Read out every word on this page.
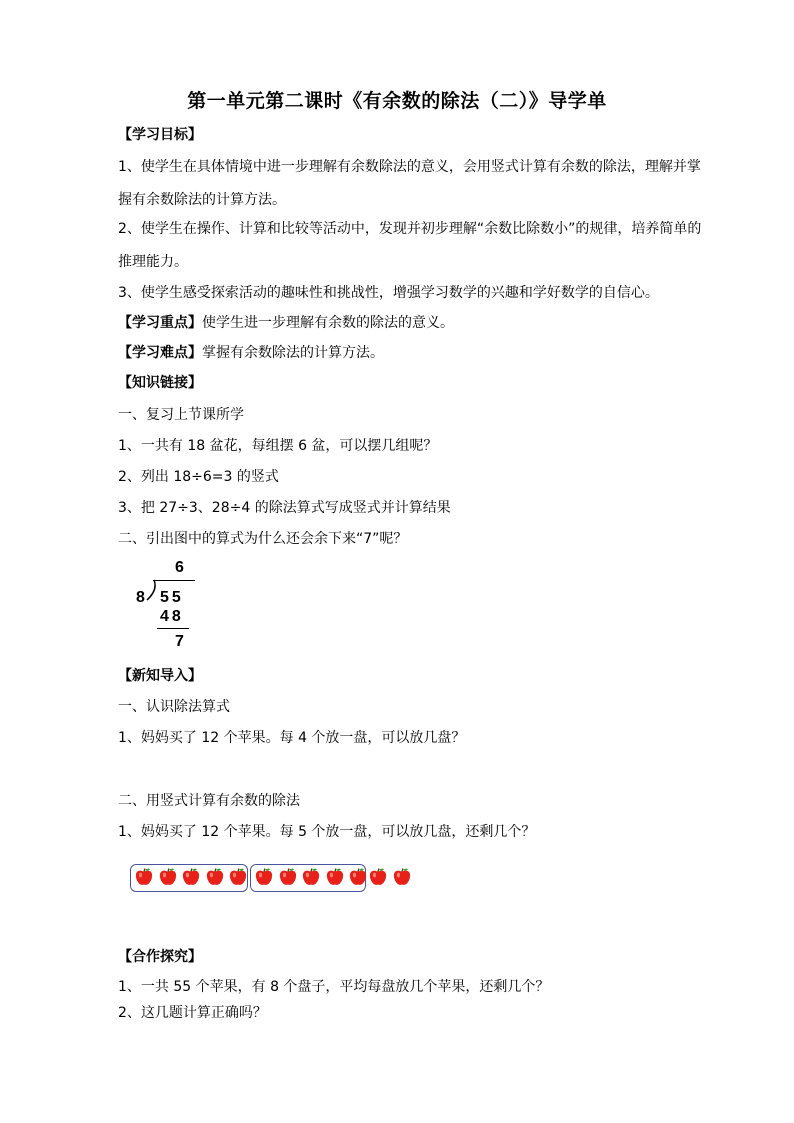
第一单元第二课时《有余数的除法（二）》导学单
【学习目标】
1、使学生在具体情境中进一步理解有余数除法的意义，会用竖式计算有余数的除法，理解并掌握有余数除法的计算方法。
2、使学生在操作、计算和比较等活动中，发现并初步理解“余数比除数小”的规律，培养简单的推理能力。
3、使学生感受探索活动的趣味性和挑战性，增强学习数学的兴趣和学好数学的自信心。
【学习重点】使学生进一步理解有余数的除法的意义。
【学习难点】掌握有余数除法的计算方法。
【知识链接】
一、复习上节课所学
1、一共有 18 盆花，每组摆 6 盆，可以摆几组呢？
2、列出 18÷6=3 的竖式
3、把 27÷3、28÷4 的除法算式写成竖式并计算结果
二、引出图中的算式为什么还会余下来“7”呢？
6
8 55
48
7
【新知导入】
一、认识除法算式
1、妈妈买了 12 个苹果。每 4 个放一盘，可以放几盘？
二、用竖式计算有余数的除法
1、妈妈买了 12 个苹果。每 5 个放一盘，可以放几盘，还剩几个？
【合作探究】
1、一共 55 个苹果，有 8 个盘子，平均每盘放几个苹果，还剩几个？
2、这几题计算正确吗？
